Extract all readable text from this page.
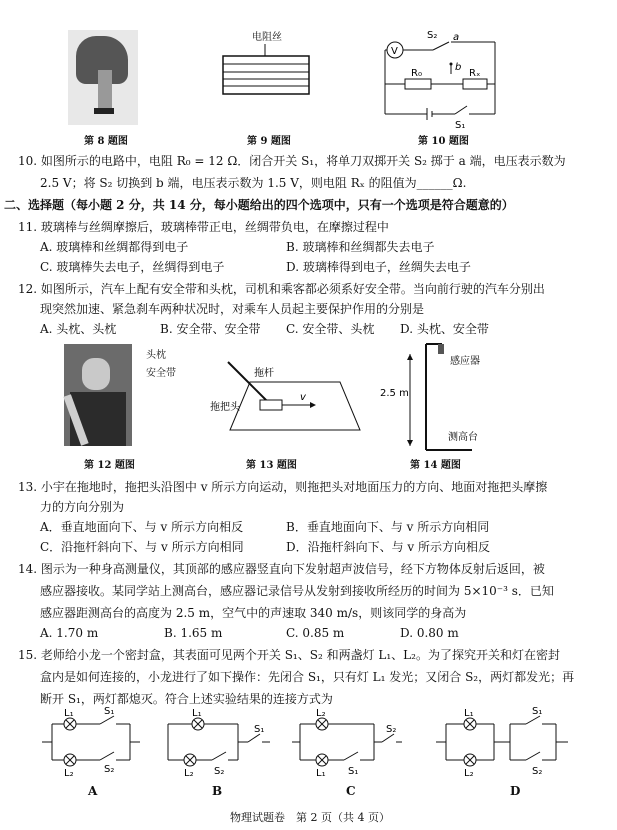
第 8 题图
电阻丝
第 9 题图
V
S₂ a
b
R₀	Rₓ
S₁
第 10 题图
10. 如图所示的电路中，电阻 R₀ = 12 Ω．闭合开关 S₁，将单刀双掷开关 S₂ 掷于 a 端，电压表示数为
2.5 V；将 S₂ 切换到 b 端，电压表示数为 1.5 V，则电阻 Rₓ 的阻值为______Ω.
二、选择题（每小题 2 分，共 14 分，每小题给出的四个选项中，只有一个选项是符合题意的）
11. 玻璃棒与丝绸摩擦后，玻璃棒带正电，丝绸带负电，在摩擦过程中
A. 玻璃棒和丝绸都得到电子	B. 玻璃棒和丝绸都失去电子
C. 玻璃棒失去电子，丝绸得到电子	D. 玻璃棒得到电子，丝绸失去电子
12. 如图所示，汽车上配有安全带和头枕，司机和乘客都必须系好安全带。当向前行驶的汽车分别出
现突然加速、紧急刹车两种状况时，对乘车人员起主要保护作用的分别是
A. 头枕、头枕	B. 安全带、安全带 C. 安全带、头枕 D. 头枕、安全带
头枕
安全带
第 12 题图
拖杆
拖把头
v
第 13 题图
2.5 m
感应器
测高台
第 14 题图
13. 小宇在拖地时，拖把头沿图中 v 所示方向运动，则拖把头对地面压力的方向、地面对拖把头摩擦
力的方向分别为
A．垂直地面向下、与 v 所示方向相反	B．垂直地面向下、与 v 所示方向相同
C．沿拖杆斜向下、与 v 所示方向相同	D．沿拖杆斜向下、与 v 所示方向相反
14. 图示为一种身高测量仪，其顶部的感应器竖直向下发射超声波信号，经下方物体反射后返回，被
感应器接收。某同学站上测高台，感应器记录信号从发射到接收所经历的时间为 5×10⁻³ s．已知
感应器距测高台的高度为 2.5 m，空气中的声速取 340 m/s，则该同学的身高为
A. 1.70 m	B. 1.65 m	C. 0.85 m	D. 0.80 m
15. 老师给小龙一个密封盒，其表面可见两个开关 S₁、S₂ 和两盏灯 L₁、L₂。为了探究开关和灯在密封
盒内是如何连接的，小龙进行了如下操作：先闭合 S₁，只有灯 L₁ 发光；又闭合 S₂，两灯都发光；再
断开 S₁，两灯都熄灭。符合上述实验结果的连接方式为
L₁	S₁
L₂	S₂
A
L₁
L₂ S₂
S₁
B
L₂
L₁ S₁
S₂
C
L₁
L₂
S₁
S₂
D
物理试题卷　第 2 页（共 4 页）
